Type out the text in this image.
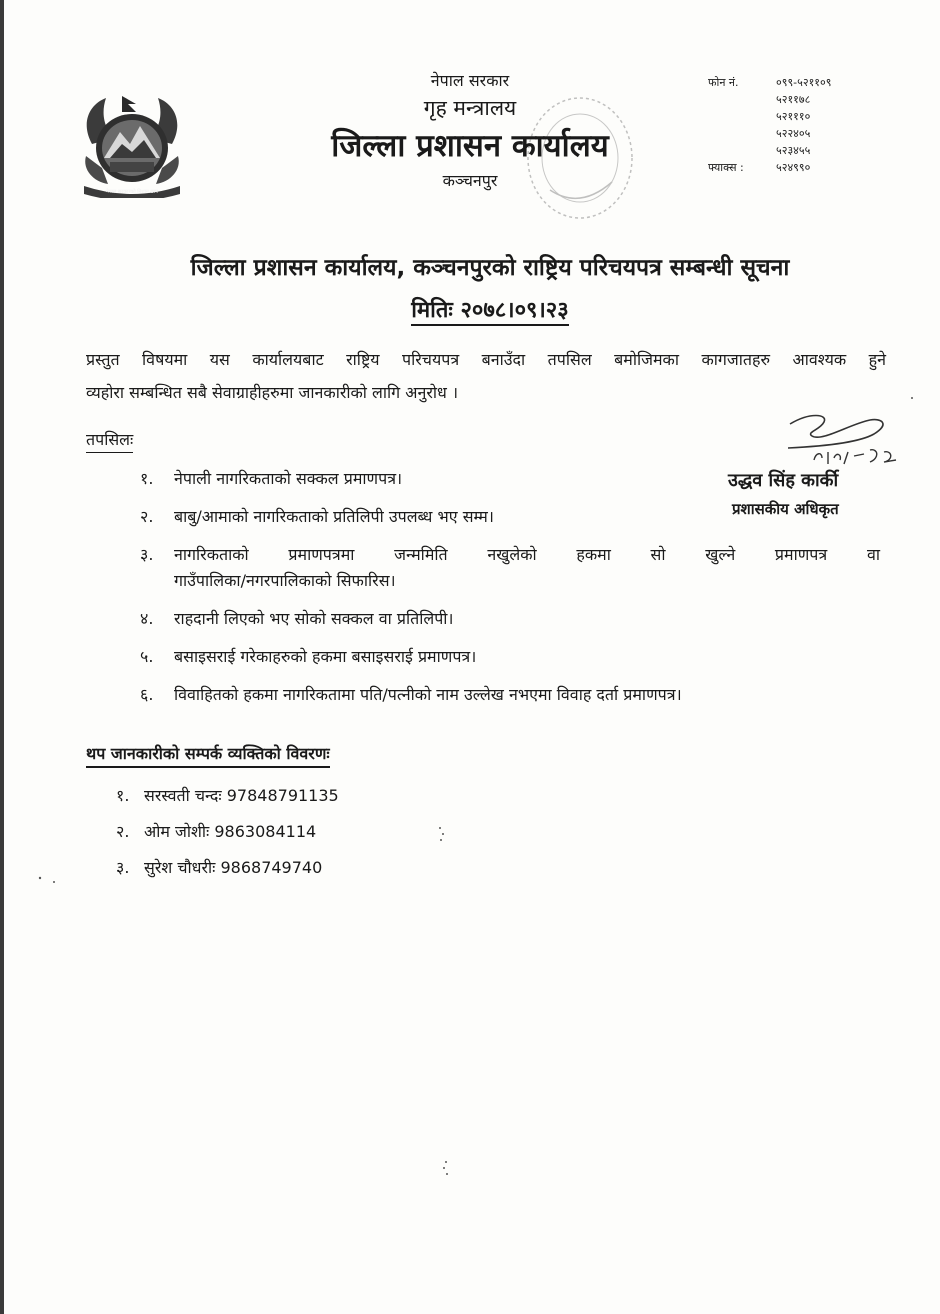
नेपाल सरकारको निशान छाप
नेपाल सरकार
गृह मन्त्रालय
जिल्ला प्रशासन कार्यालय
कञ्चनपुर
फोन नं.	०९९-५२११०९
५२११७८
५२१११०
५२२४०५
५२३४५५
फ्याक्स :	५२४९९०
जिल्ला प्रशासन कार्यालय, कञ्चनपुरको राष्ट्रिय परिचयपत्र सम्बन्धी सूचना
मितिः २०७८।०९।२३
प्रस्तुत विषयमा यस कार्यालयबाट राष्ट्रिय परिचयपत्र बनाउँदा तपसिल बमोजिमका कागजातहरु आवश्यक हुने
व्यहोरा सम्बन्धित सबै सेवाग्राहीहरुमा जानकारीको लागि अनुरोध ।
उद्धव सिंह कार्की
प्रशासकीय अधिकृत
तपसिलः
१.	नेपाली नागरिकताको सक्कल प्रमाणपत्र।
२.	बाबु/आमाको नागरिकताको प्रतिलिपी उपलब्ध भए सम्म।
३.	नागरिकताको प्रमाणपत्रमा जन्ममिति नखुलेको हकमा सो खुल्ने प्रमाणपत्र वा
गाउँपालिका/नगरपालिकाको सिफारिस।
४.	राहदानी लिएको भए सोको सक्कल वा प्रतिलिपी।
५.	बसाइसराई गरेकाहरुको हकमा बसाइसराई प्रमाणपत्र।
६.	विवाहितको हकमा नागरिकतामा पति/पत्नीको नाम उल्लेख नभएमा विवाह दर्ता प्रमाणपत्र।
थप जानकारीको सम्पर्क व्यक्तिको विवरणः
१. सरस्वती चन्दः 97848791135
२. ओम जोशीः 9863084114
३. सुरेश चौधरीः 9868749740
